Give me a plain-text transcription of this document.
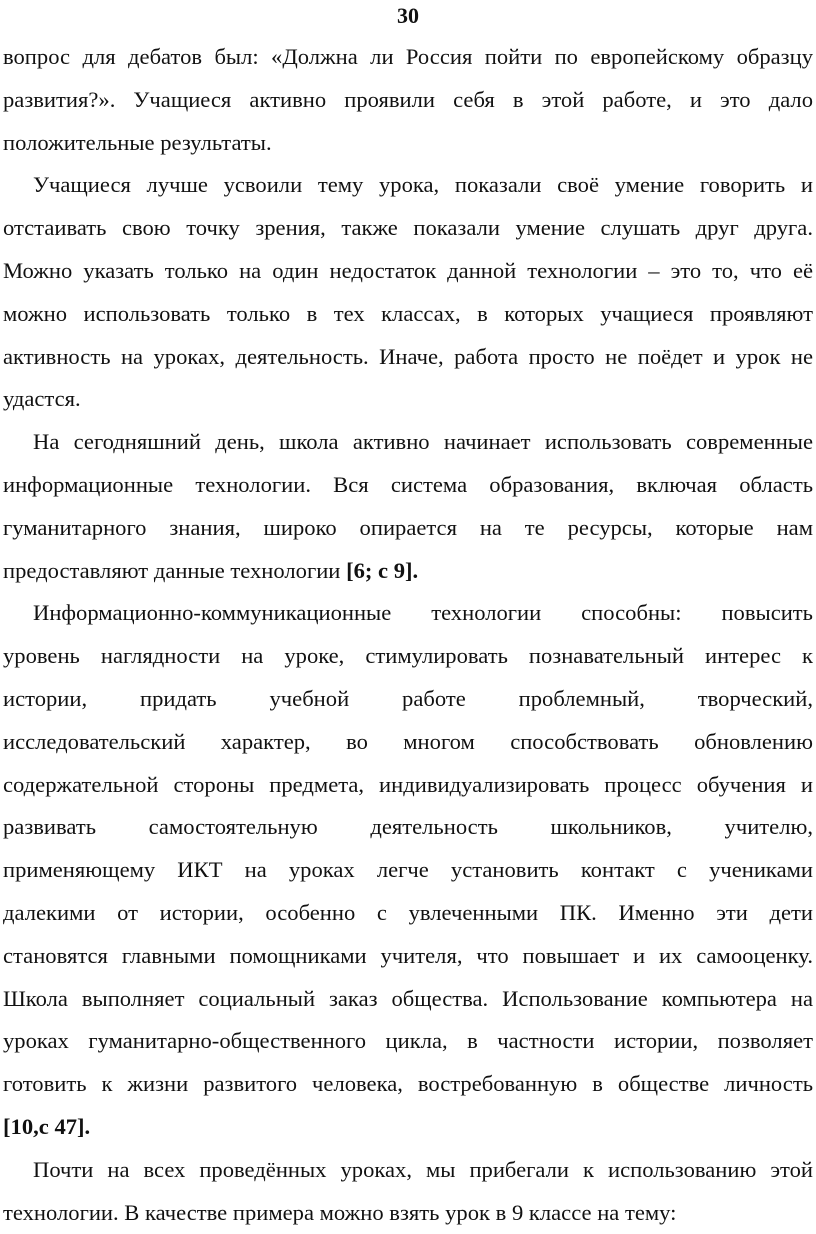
30
вопрос для дебатов был: «Должна ли Россия пойти по европейскому образцу
развития?». Учащиеся активно проявили себя в этой работе, и это дало
положительные результаты.
Учащиеся лучше усвоили тему урока, показали своё умение говорить и
отстаивать свою точку зрения, также показали умение слушать друг друга.
Можно указать только на один недостаток данной технологии – это то, что её
можно использовать только в тех классах, в которых учащиеся проявляют
активность на уроках, деятельность. Иначе, работа просто не поёдет и урок не
удастся.
На сегодняшний день, школа активно начинает использовать современные
информационные технологии. Вся система образования, включая область
гуманитарного знания, широко опирается на те ресурсы, которые нам
предоставляют данные технологии [6; с 9].
Информационно-коммуникационные технологии способны: повысить
уровень наглядности на уроке, стимулировать познавательный интерес к
истории, придать учебной работе проблемный, творческий,
исследовательский характер, во многом способствовать обновлению
содержательной стороны предмета, индивидуализировать процесс обучения и
развивать самостоятельную деятельность школьников, учителю,
применяющему ИКТ на уроках легче установить контакт с учениками
далекими от истории, особенно с увлеченными ПК. Именно эти дети
становятся главными помощниками учителя, что повышает и их самооценку.
Школа выполняет социальный заказ общества. Использование компьютера на
уроках гуманитарно-общественного цикла, в частности истории, позволяет
готовить к жизни развитого человека, востребованную в обществе личность
[10,с 47].
Почти на всех проведённых уроках, мы прибегали к использованию этой
технологии. В качестве примера можно взять урок в 9 классе на тему:
